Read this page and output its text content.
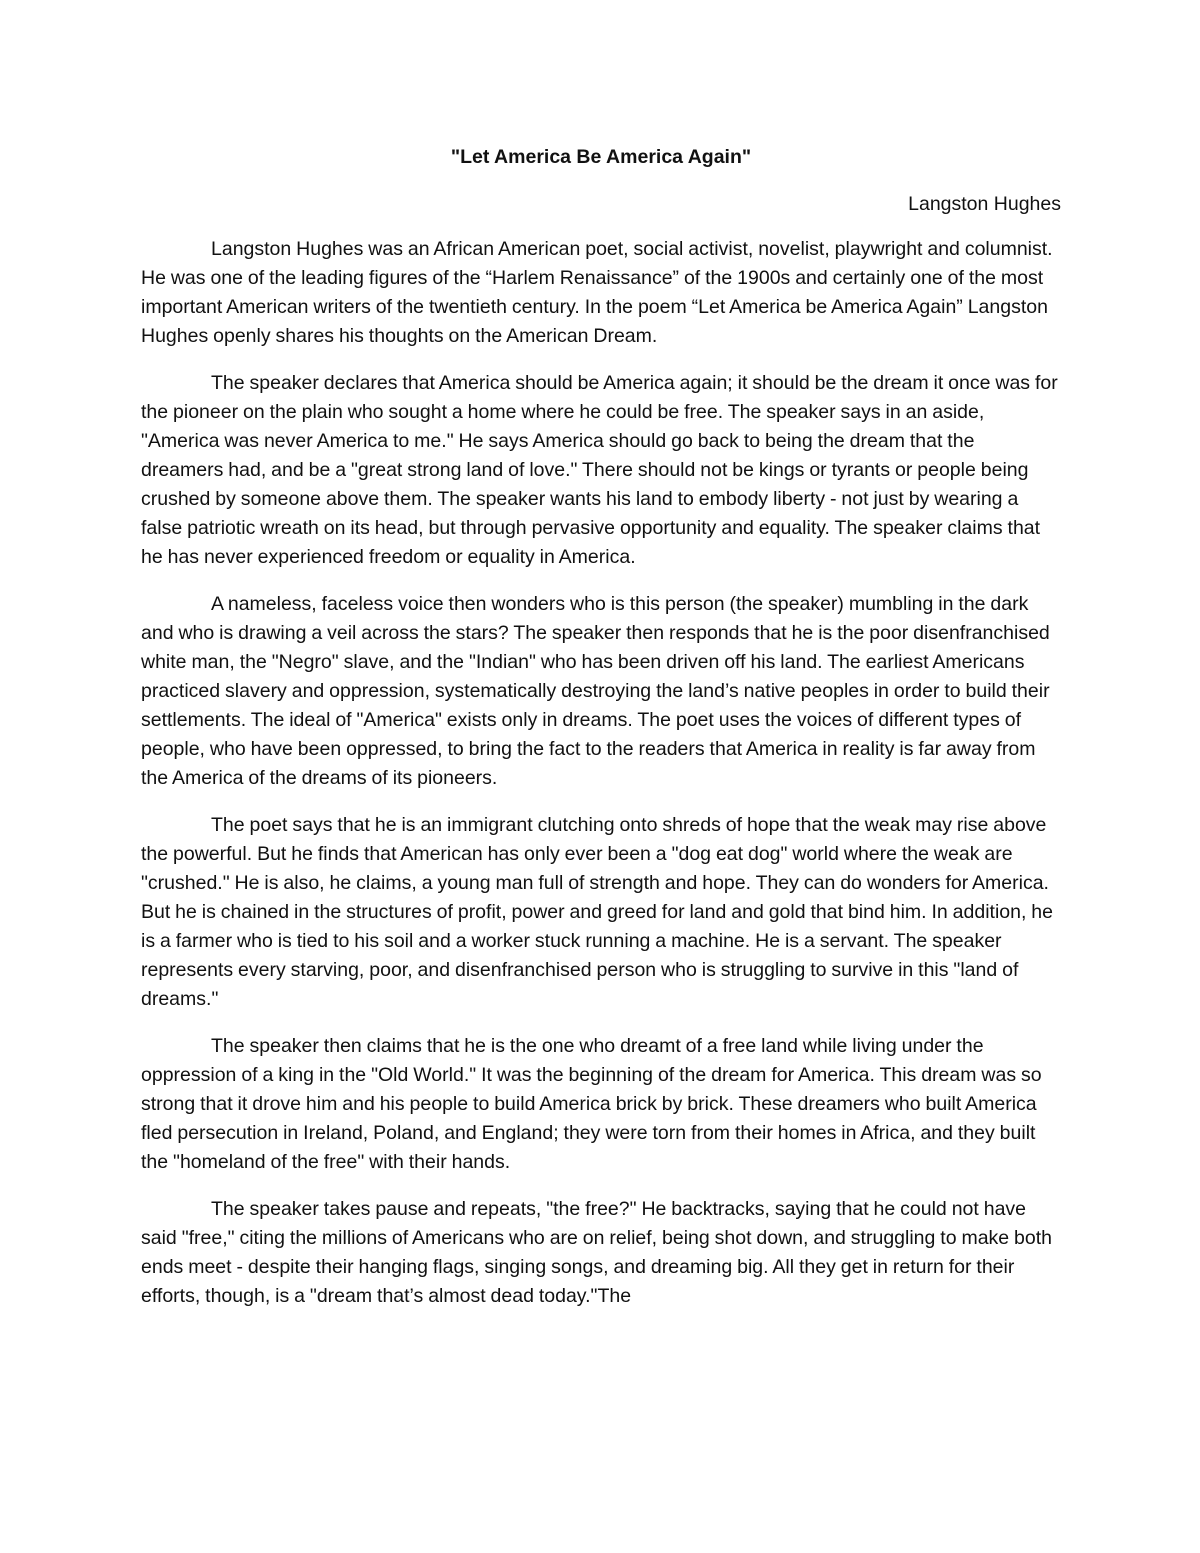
"Let America Be America Again"

Langston Hughes

Langston Hughes was an African American poet, social activist, novelist, playwright and columnist. He was one of the leading figures of the “Harlem Renaissance” of the 1900s and certainly one of the most important American writers of the twentieth century. In the poem “Let America be America Again” Langston Hughes openly shares his thoughts on the American Dream.

The speaker declares that America should be America again; it should be the dream it once was for the pioneer on the plain who sought a home where he could be free. The speaker says in an aside, "America was never America to me." He says America should go back to being the dream that the dreamers had, and be a "great strong land of love." There should not be kings or tyrants or people being crushed by someone above them. The speaker wants his land to embody liberty - not just by wearing a false patriotic wreath on its head, but through pervasive opportunity and equality. The speaker claims that he has never experienced freedom or equality in America.

A nameless, faceless voice then wonders who is this person (the speaker) mumbling in the dark and who is drawing a veil across the stars? The speaker then responds that he is the poor disenfranchised white man, the "Negro" slave, and the "Indian" who has been driven off his land. The earliest Americans practiced slavery and oppression, systematically destroying the land’s native peoples in order to build their settlements. The ideal of "America" exists only in dreams. The poet uses the voices of different types of people, who have been oppressed, to bring the fact to the readers that America in reality is far away from the America of the dreams of its pioneers.

The poet says that he is an immigrant clutching onto shreds of hope that the weak may rise above the powerful. But he finds that American has only ever been a "dog eat dog" world where the weak are "crushed." He is also, he claims, a young man full of strength and hope. They can do wonders for America. But he is chained in the structures of profit, power and greed for land and gold that bind him. In addition, he is a farmer who is tied to his soil and a worker stuck running a machine. He is a servant. The speaker represents every starving, poor, and disenfranchised person who is struggling to survive in this "land of dreams."

The speaker then claims that he is the one who dreamt of a free land while living under the oppression of a king in the "Old World." It was the beginning of the dream for America. This dream was so strong that it drove him and his people to build America brick by brick. These dreamers who built America fled persecution in Ireland, Poland, and England; they were torn from their homes in Africa, and they built the "homeland of the free" with their hands.

The speaker takes pause and repeats, "the free?" He backtracks, saying that he could not have said "free," citing the millions of Americans who are on relief, being shot down, and struggling to make both ends meet - despite their hanging flags, singing songs, and dreaming big. All they get in return for their efforts, though, is a "dream that’s almost dead today."The
